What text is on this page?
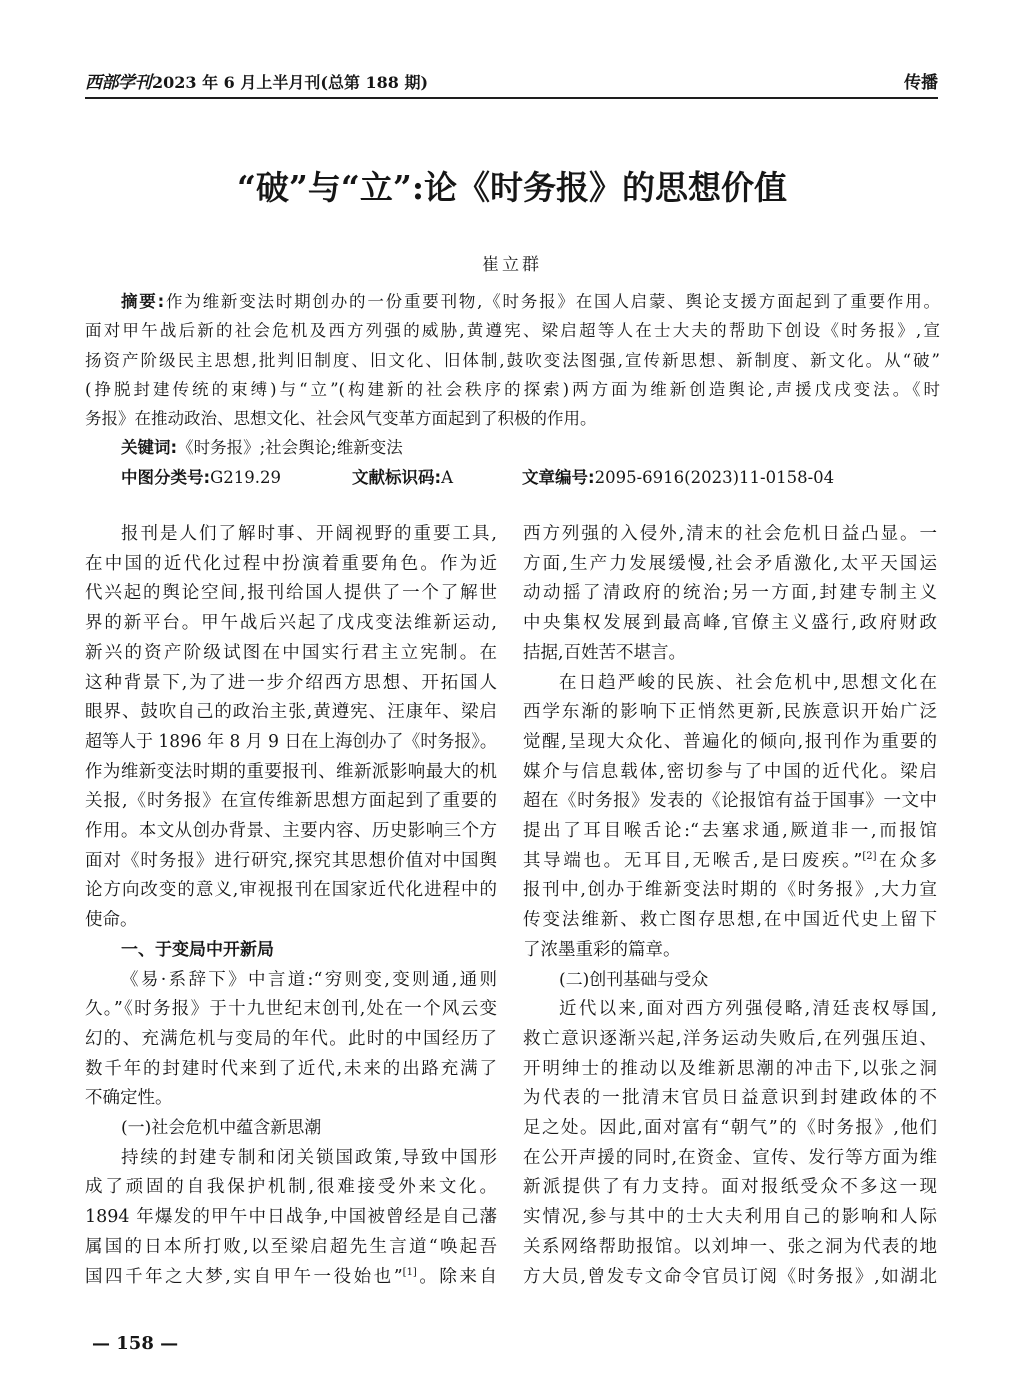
西部学刊2023 年 6 月上半月刊(总第 188 期)	传播
“破”与“立”:论《时务报》的思想价值
崔立群
摘要:作为维新变法时期创办的一份重要刊物,《时务报》在国人启蒙、舆论支援方面起到了重要作用。
面对甲午战后新的社会危机及西方列强的威胁,黄遵宪、梁启超等人在士大夫的帮助下创设《时务报》,宣
扬资产阶级民主思想,批判旧制度、旧文化、旧体制,鼓吹变法图强,宣传新思想、新制度、新文化。从“破”
(挣脱封建传统的束缚)与“立”(构建新的社会秩序的探索)两方面为维新创造舆论,声援戊戌变法。《时
务报》在推动政治、思想文化、社会风气变革方面起到了积极的作用。
关键词:《时务报》;社会舆论;维新变法
中图分类号:G219.29	文献标识码:A	文章编号:2095-6916(2023)11-0158-04
报刊是人们了解时事、开阔视野的重要工具,
在中国的近代化过程中扮演着重要角色。作为近
代兴起的舆论空间,报刊给国人提供了一个了解世
界的新平台。甲午战后兴起了戊戌变法维新运动,
新兴的资产阶级试图在中国实行君主立宪制。在
这种背景下,为了进一步介绍西方思想、开拓国人
眼界、鼓吹自己的政治主张,黄遵宪、汪康年、梁启
超等人于 1896 年 8 月 9 日在上海创办了《时务报》。
作为维新变法时期的重要报刊、维新派影响最大的机
关报,《时务报》在宣传维新思想方面起到了重要的
作用。本文从创办背景、主要内容、历史影响三个方
面对《时务报》进行研究,探究其思想价值对中国舆
论方向改变的意义,审视报刊在国家近代化进程中的
使命。
一、于变局中开新局
《易·系辞下》中言道:“穷则变,变则通,通则
久。”《时务报》于十九世纪末创刊,处在一个风云变
幻的、充满危机与变局的年代。此时的中国经历了
数千年的封建时代来到了近代,未来的出路充满了
不确定性。
(一)社会危机中蕴含新思潮
持续的封建专制和闭关锁国政策,导致中国形
成了顽固的自我保护机制,很难接受外来文化。
1894 年爆发的甲午中日战争,中国被曾经是自己藩
属国的日本所打败,以至梁启超先生言道“唤起吾
国四千年之大梦,实自甲午一役始也”[1]。除来自
西方列强的入侵外,清末的社会危机日益凸显。一
方面,生产力发展缓慢,社会矛盾激化,太平天国运
动动摇了清政府的统治;另一方面,封建专制主义
中央集权发展到最高峰,官僚主义盛行,政府财政
拮据,百姓苦不堪言。
在日趋严峻的民族、社会危机中,思想文化在
西学东渐的影响下正悄然更新,民族意识开始广泛
觉醒,呈现大众化、普遍化的倾向,报刊作为重要的
媒介与信息载体,密切参与了中国的近代化。梁启
超在《时务报》发表的《论报馆有益于国事》一文中
提出了耳目喉舌论:“去塞求通,厥道非一,而报馆
其导端也。无耳目,无喉舌,是曰废疾。”[2]在众多
报刊中,创办于维新变法时期的《时务报》,大力宣
传变法维新、救亡图存思想,在中国近代史上留下
了浓墨重彩的篇章。
(二)创刊基础与受众
近代以来,面对西方列强侵略,清廷丧权辱国,
救亡意识逐渐兴起,洋务运动失败后,在列强压迫、
开明绅士的推动以及维新思潮的冲击下,以张之洞
为代表的一批清末官员日益意识到封建政体的不
足之处。因此,面对富有“朝气”的《时务报》,他们
在公开声援的同时,在资金、宣传、发行等方面为维
新派提供了有力支持。面对报纸受众不多这一现
实情况,参与其中的士大夫利用自己的影响和人际
关系网络帮助报馆。以刘坤一、张之洞为代表的地
方大员,曾发专文命令官员订阅《时务报》,如湖北
— 158 —
